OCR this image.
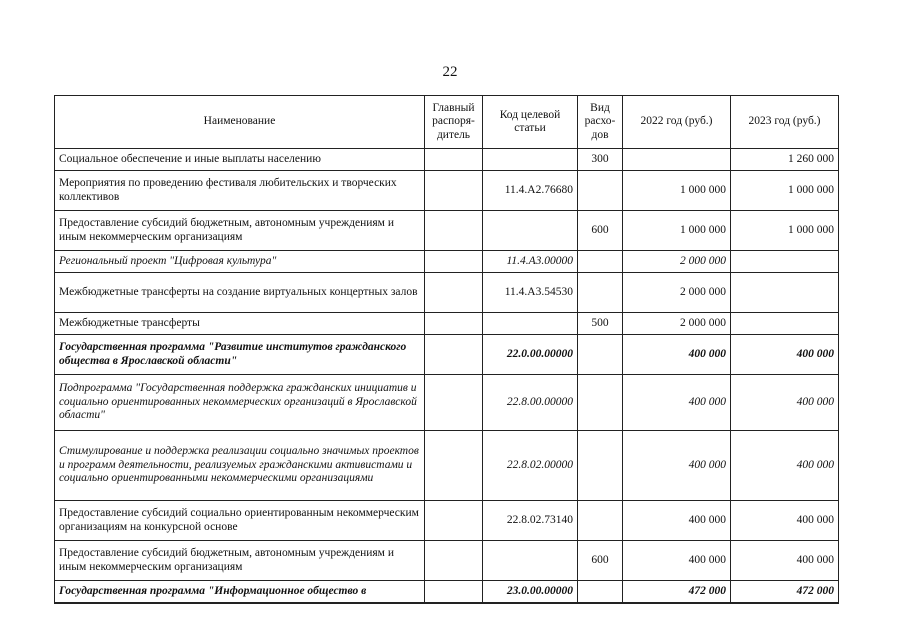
22
Наименование	Главный распоря-дитель	Код целевой статьи	Вид расхо-дов	2022 год (руб.)	2023 год (руб.)
Социальное обеспечение и иные выплаты населению			300		1 260 000
Мероприятия по проведению фестиваля любительских и творческих коллективов		11.4.А2.76680		1 000 000	1 000 000
Предоставление субсидий бюджетным, автономным учреждениям и иным некоммерческим организациям			600	1 000 000	1 000 000
Региональный проект "Цифровая культура"		11.4.А3.00000		2 000 000	
Межбюджетные трансферты на создание виртуальных концертных залов		11.4.А3.54530		2 000 000	
Межбюджетные трансферты			500	2 000 000	
Государственная программа "Развитие институтов гражданского общества в Ярославской области"		22.0.00.00000		400 000	400 000
Подпрограмма "Государственная поддержка гражданских инициатив и социально ориентированных некоммерческих организаций в Ярославской области"		22.8.00.00000		400 000	400 000
Стимулирование и поддержка реализации социально значимых проектов и программ деятельности, реализуемых гражданскими активистами и социально ориентированными некоммерческими организациями		22.8.02.00000		400 000	400 000
Предоставление субсидий социально ориентированным некоммерческим организациям на конкурсной основе		22.8.02.73140		400 000	400 000
Предоставление субсидий бюджетным, автономным учреждениям и иным некоммерческим организациям			600	400 000	400 000
Государственная программа "Информационное общество в		23.0.00.00000		472 000	472 000
